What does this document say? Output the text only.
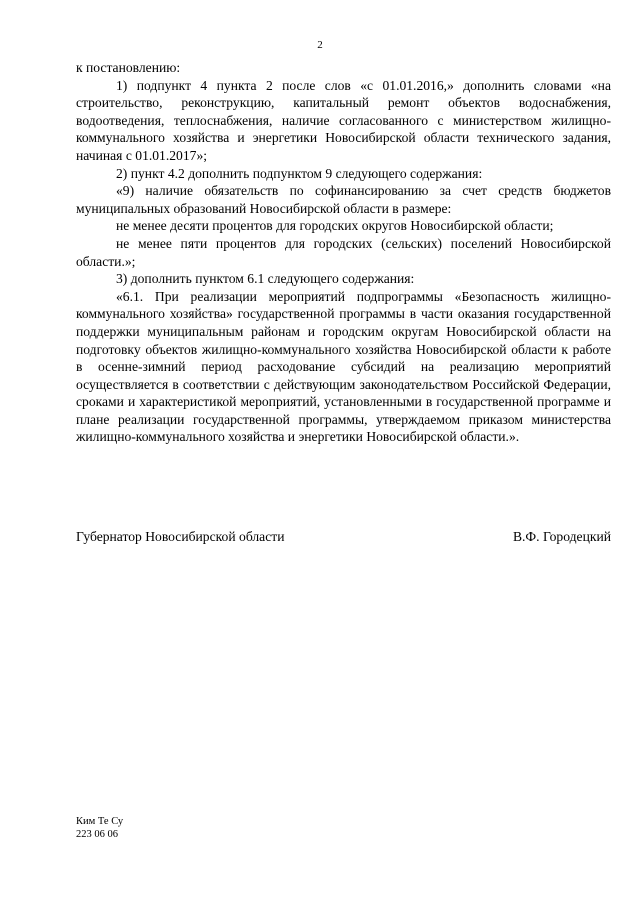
2

к постановлению:

1) подпункт 4 пункта 2 после слов «с 01.01.2016,» дополнить словами «на строительство, реконструкцию, капитальный ремонт объектов водоснабжения, водоотведения, теплоснабжения, наличие согласованного с министерством жилищно-коммунального хозяйства и энергетики Новосибирской области технического задания, начиная с 01.01.2017»;

2) пункт 4.2 дополнить подпунктом 9 следующего содержания:

«9) наличие обязательств по софинансированию за счет средств бюджетов муниципальных образований Новосибирской области в размере:

не менее десяти процентов для городских округов Новосибирской области;

не менее пяти процентов для городских (сельских) поселений Новосибирской области.»;

3) дополнить пунктом 6.1 следующего содержания:

«6.1. При реализации мероприятий подпрограммы «Безопасность жилищно-коммунального хозяйства» государственной программы в части оказания государственной поддержки муниципальным районам и городским округам Новосибирской области на подготовку объектов жилищно-коммунального хозяйства Новосибирской области к работе в осенне-зимний период расходование субсидий на реализацию мероприятий осуществляется в соответствии с действующим законодательством Российской Федерации, сроками и характеристикой мероприятий, установленными в государственной программе и плане реализации государственной программы, утверждаемом приказом министерства жилищно-коммунального хозяйства и энергетики Новосибирской области.».

Губернатор Новосибирской области	В.Ф. Городецкий
Ким Те Су
223 06 06
